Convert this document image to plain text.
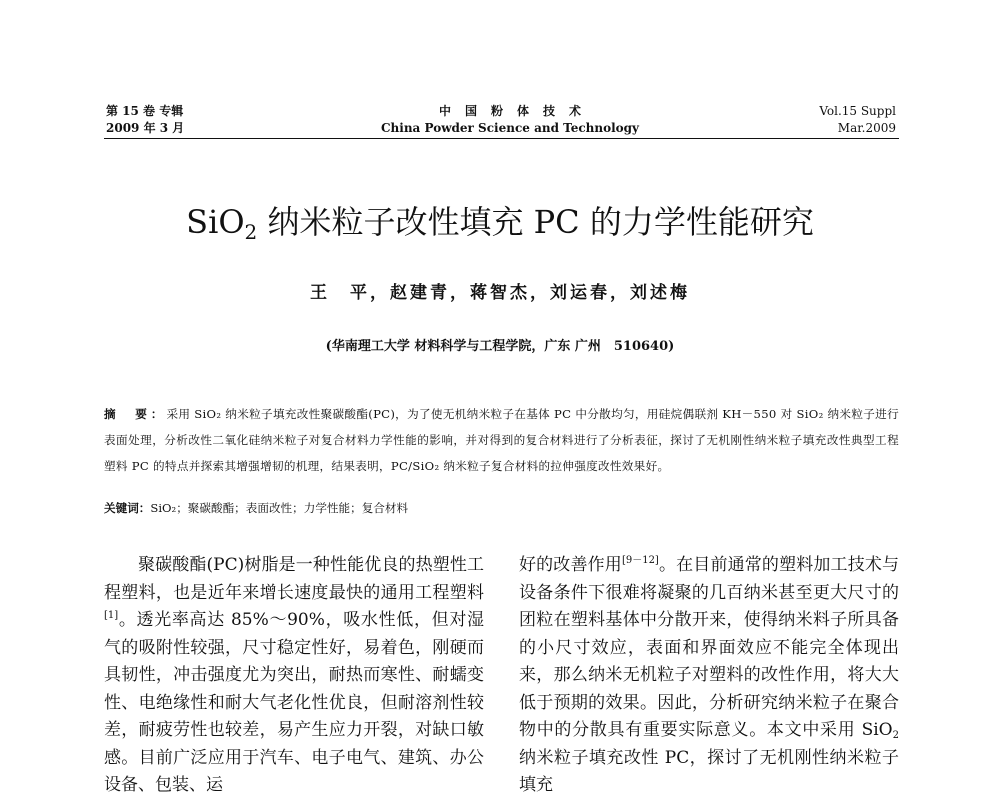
第 15 卷 专辑
2009 年 3 月
中国粉体技术
China Powder Science and Technology
Vol.15 Suppl
Mar.2009
SiO$_2$ 纳米粒子改性填充 PC 的力学性能研究
王　平，赵建青，蒋智杰，刘运春，刘述梅
(华南理工大学 材料科学与工程学院，广东 广州　510640)
摘　要：采用 SiO₂ 纳米粒子填充改性聚碳酸酯(PC)，为了使无机纳米粒子在基体 PC 中分散均匀，用硅烷偶联剂 KH－550 对 SiO₂ 纳米粒子进行表面处理，分析改性二氧化硅纳米粒子对复合材料力学性能的影响，并对得到的复合材料进行了分析表征，探讨了无机刚性纳米粒子填充改性典型工程塑料 PC 的特点并探索其增强增韧的机理，结果表明，PC/SiO₂ 纳米粒子复合材料的拉伸强度改性效果好。
关键词：SiO₂；聚碳酸酯；表面改性；力学性能；复合材料
聚碳酸酯(PC)树脂是一种性能优良的热塑性工程塑料，也是近年来增长速度最快的通用工程塑料[1]。透光率高达 85%～90%，吸水性低，但对湿气的吸附性较强，尺寸稳定性好，易着色，刚硬而具韧性，冲击强度尤为突出，耐热而寒性、耐蠕变性、电绝缘性和耐大气老化性优良，但耐溶剂性较差，耐疲劳性也较差，易产生应力开裂，对缺口敏感。目前广泛应用于汽车、电子电气、建筑、办公设备、包装、运
好的改善作用[9－12]。在目前通常的塑料加工技术与设备条件下很难将凝聚的几百纳米甚至更大尺寸的团粒在塑料基体中分散开来，使得纳米料子所具备的小尺寸效应，表面和界面效应不能完全体现出来，那么纳米无机粒子对塑料的改性作用，将大大低于预期的效果。因此，分析研究纳米粒子在聚合物中的分散具有重要实际意义。本文中采用 SiO$_2$ 纳米粒子填充改性 PC，探讨了无机刚性纳米粒子填充
